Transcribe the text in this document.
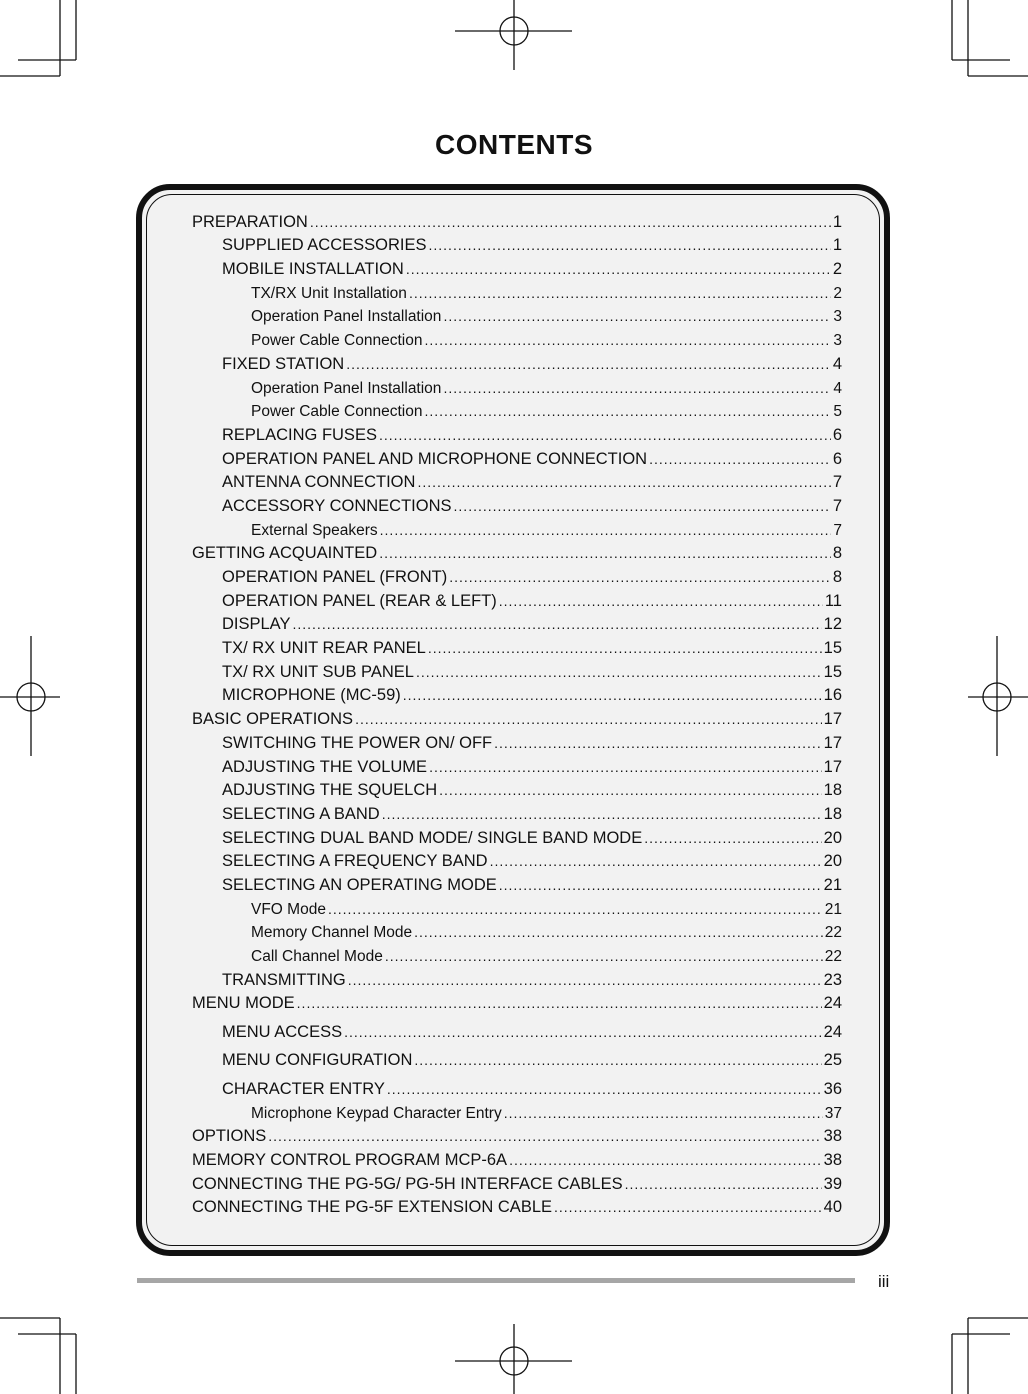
CONTENTS
PREPARATION .....	1
SUPPLIED ACCESSORIES .....	1
MOBILE INSTALLATION .....	2
TX/RX Unit Installation .....	2
Operation Panel Installation .....	3
Power Cable Connection .....	3
FIXED STATION .....	4
Operation Panel Installation .....	4
Power Cable Connection .....	5
REPLACING FUSES .....	6
OPERATION PANEL AND MICROPHONE CONNECTION .....	6
ANTENNA CONNECTION .....	7
ACCESSORY CONNECTIONS .....	7
External Speakers .....	7
GETTING ACQUAINTED .....	8
OPERATION PANEL (FRONT) .....	8
OPERATION PANEL (REAR & LEFT) .....	11
DISPLAY .....	12
TX/ RX UNIT REAR PANEL .....	15
TX/ RX UNIT SUB PANEL .....	15
MICROPHONE (MC-59) .....	16
BASIC OPERATIONS .....	17
SWITCHING THE POWER ON/ OFF .....	17
ADJUSTING THE VOLUME .....	17
ADJUSTING THE SQUELCH .....	18
SELECTING A BAND .....	18
SELECTING DUAL BAND MODE/ SINGLE BAND MODE .....	20
SELECTING A FREQUENCY BAND .....	20
SELECTING AN OPERATING MODE .....	21
VFO Mode .....	21
Memory Channel Mode .....	22
Call Channel Mode .....	22
TRANSMITTING .....	23
MENU MODE .....	24
MENU ACCESS .....	24
MENU CONFIGURATION .....	25
CHARACTER ENTRY .....	36
Microphone Keypad Character Entry .....	37
OPTIONS .....	38
MEMORY CONTROL PROGRAM MCP-6A .....	38
CONNECTING THE PG-5G/ PG-5H INTERFACE CABLES .....	39
CONNECTING THE PG-5F EXTENSION CABLE .....	40
iii
